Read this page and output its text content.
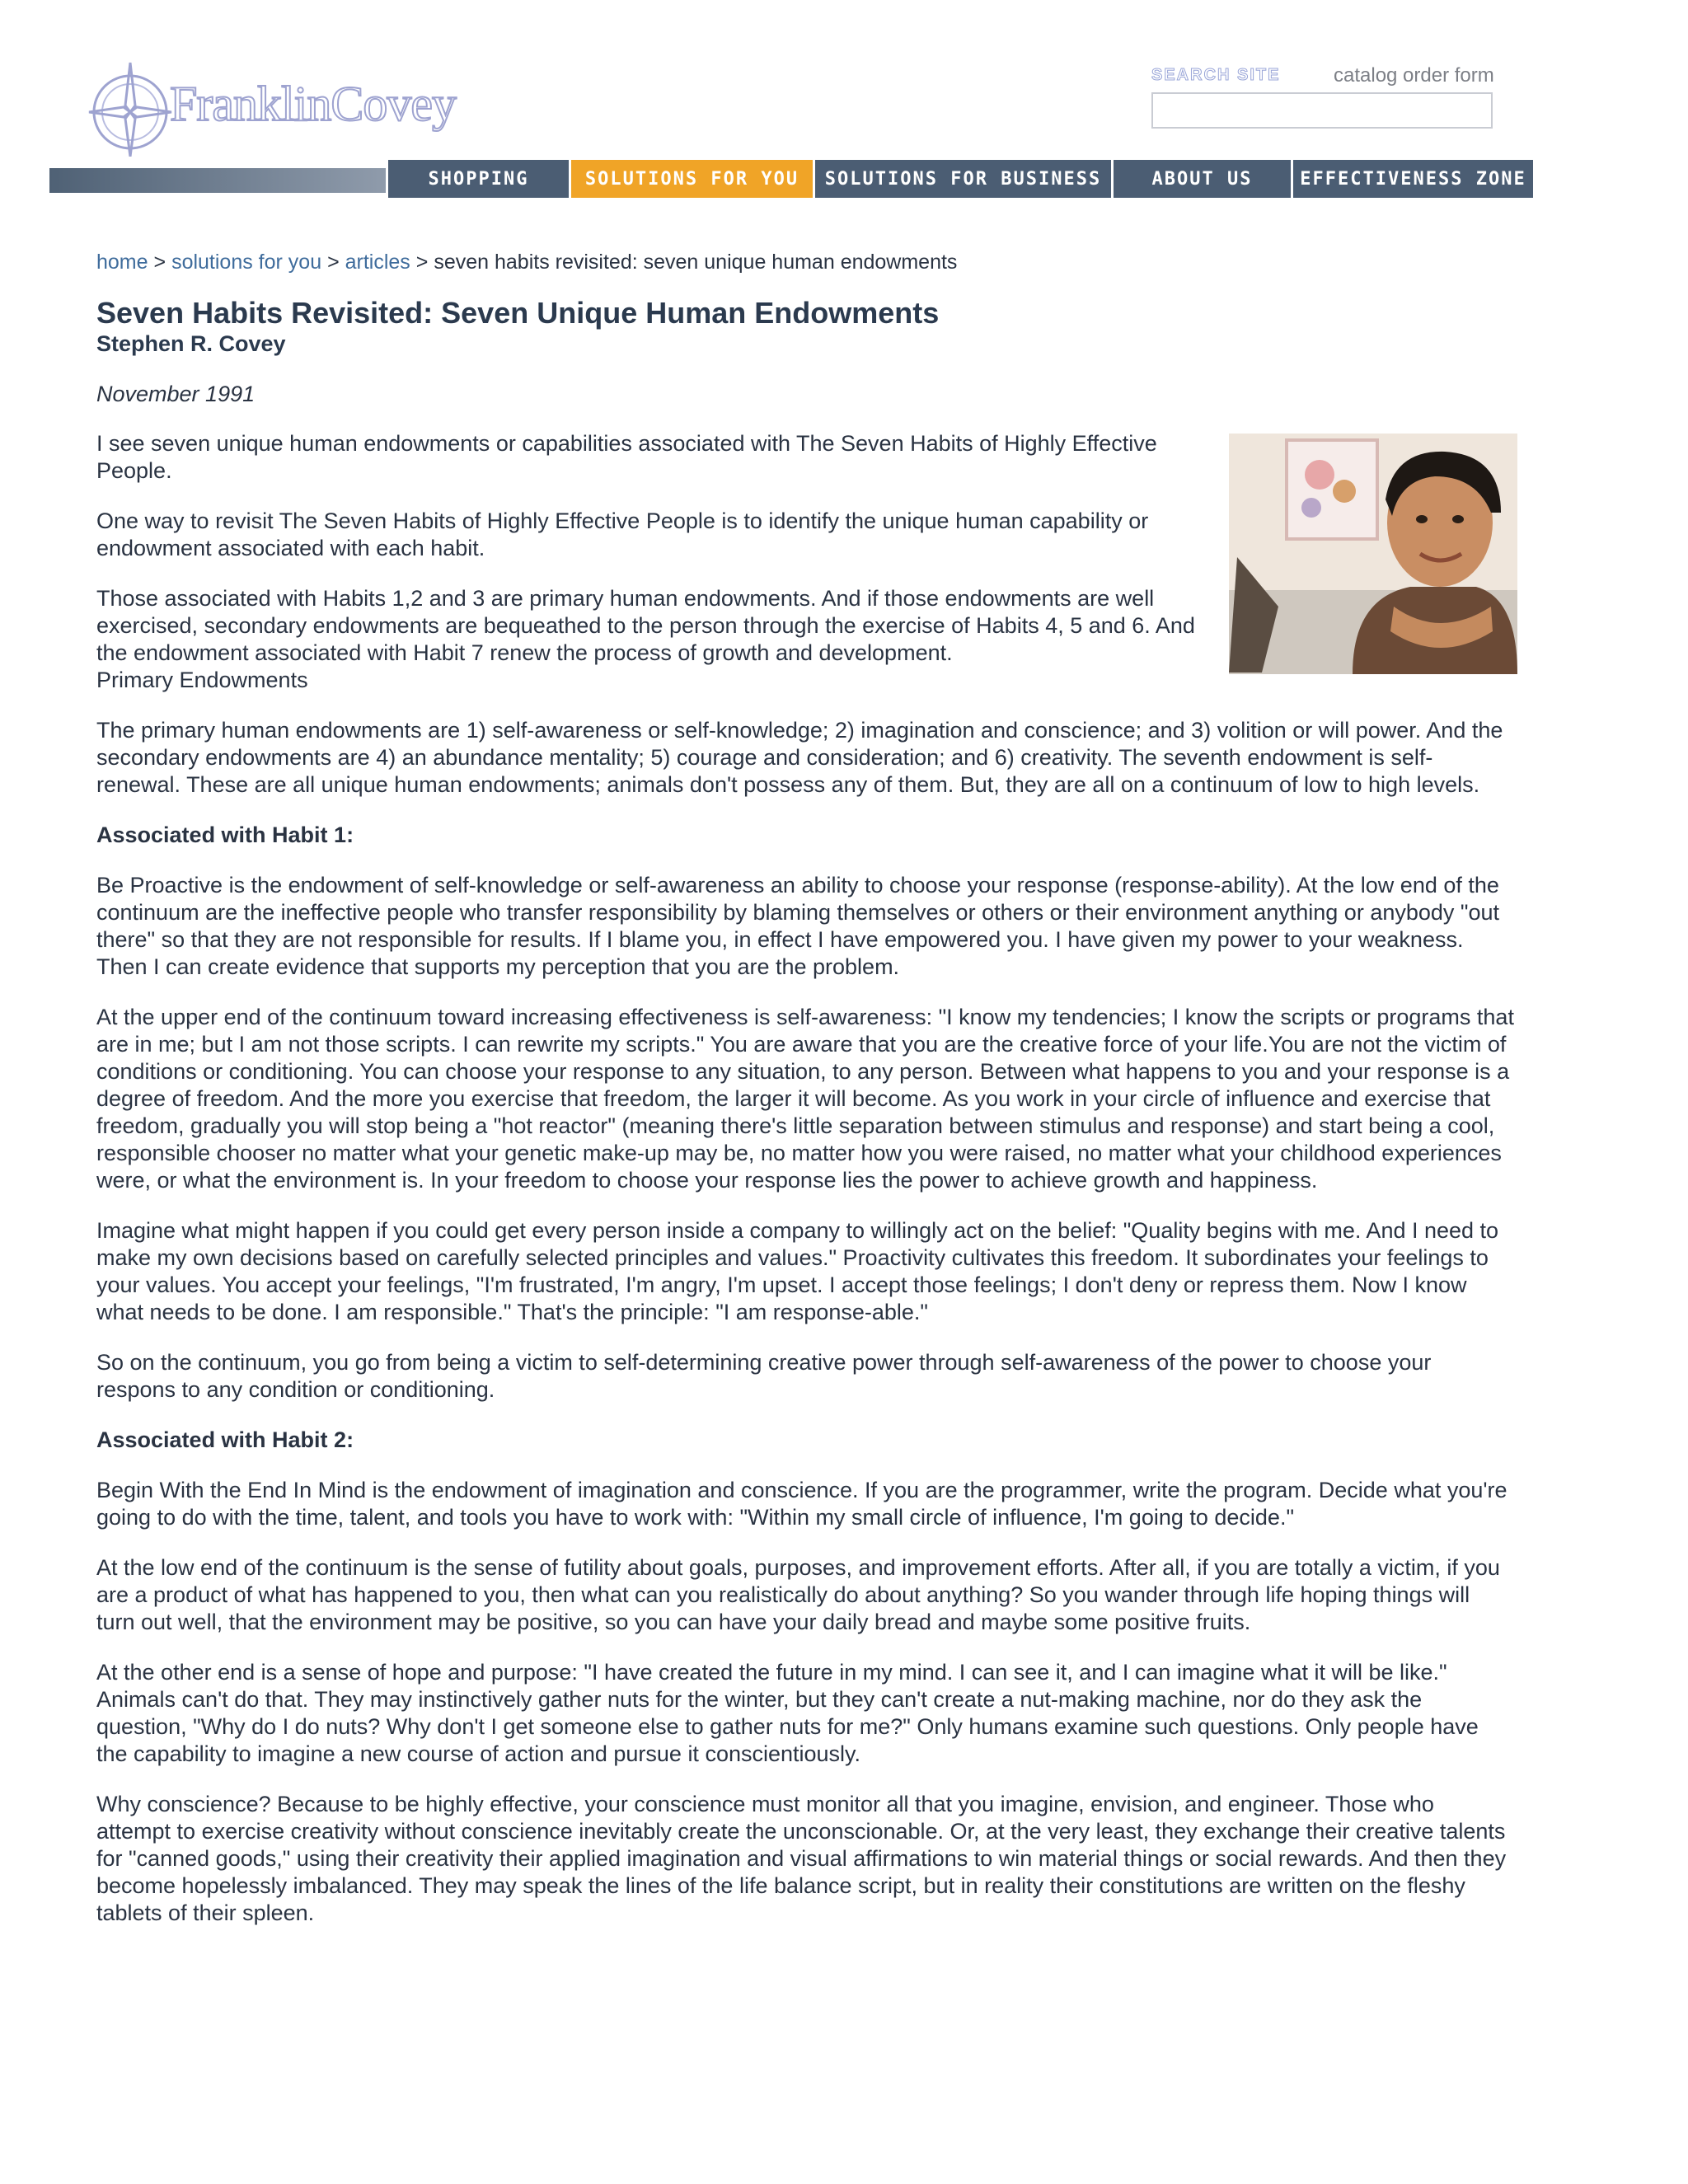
FranklinCovey
SEARCH SITE	catalog order form
SHOPPING	SOLUTIONS FOR YOU	SOLUTIONS FOR BUSINESS	ABOUT US	EFFECTIVENESS ZONE
home > solutions for you > articles > seven habits revisited: seven unique human endowments
Seven Habits Revisited: Seven Unique Human Endowments
Stephen R. Covey
November 1991

I see seven unique human endowments or capabilities associated with The Seven Habits of Highly Effective People.

One way to revisit The Seven Habits of Highly Effective People is to identify the unique human capability or endowment associated with each habit.

Those associated with Habits 1,2 and 3 are primary human endowments. And if those endowments are well exercised, secondary endowments are bequeathed to the person through the exercise of Habits 4, 5 and 6. And the endowment associated with Habit 7 renew the process of growth and development.

Primary Endowments

The primary human endowments are 1) self-awareness or self-knowledge; 2) imagination and conscience; and 3) volition or will power. And the secondary endowments are 4) an abundance mentality; 5) courage and consideration; and 6) creativity. The seventh endowment is self-renewal. These are all unique human endowments; animals don't possess any of them. But, they are all on a continuum of low to high levels.

Associated with Habit 1:

Be Proactive is the endowment of self-knowledge or self-awareness an ability to choose your response (response-ability). At the low end of the continuum are the ineffective people who transfer responsibility by blaming themselves or others or their environment anything or anybody "out there" so that they are not responsible for results. If I blame you, in effect I have empowered you. I have given my power to your weakness. Then I can create evidence that supports my perception that you are the problem.

At the upper end of the continuum toward increasing effectiveness is self-awareness: "I know my tendencies; I know the scripts or programs that are in me; but I am not those scripts. I can rewrite my scripts." You are aware that you are the creative force of your life.You are not the victim of conditions or conditioning. You can choose your response to any situation, to any person. Between what happens to you and your response is a degree of freedom. And the more you exercise that freedom, the larger it will become. As you work in your circle of influence and exercise that freedom, gradually you will stop being a "hot reactor" (meaning there's little separation between stimulus and response) and start being a cool, responsible chooser no matter what your genetic make-up may be, no matter how you were raised, no matter what your childhood experiences were, or what the environment is. In your freedom to choose your response lies the power to achieve growth and happiness.

Imagine what might happen if you could get every person inside a company to willingly act on the belief: "Quality begins with me. And I need to make my own decisions based on carefully selected principles and values." Proactivity cultivates this freedom. It subordinates your feelings to your values. You accept your feelings, "I'm frustrated, I'm angry, I'm upset. I accept those feelings; I don't deny or repress them. Now I know what needs to be done. I am responsible." That's the principle: "I am response-able."

So on the continuum, you go from being a victim to self-determining creative power through self-awareness of the power to choose your respons to any condition or conditioning.

Associated with Habit 2:

Begin With the End In Mind is the endowment of imagination and conscience. If you are the programmer, write the program. Decide what you're going to do with the time, talent, and tools you have to work with: "Within my small circle of influence, I'm going to decide."

At the low end of the continuum is the sense of futility about goals, purposes, and improvement efforts. After all, if you are totally a victim, if you are a product of what has happened to you, then what can you realistically do about anything? So you wander through life hoping things will turn out well, that the environment may be positive, so you can have your daily bread and maybe some positive fruits.

At the other end is a sense of hope and purpose: "I have created the future in my mind. I can see it, and I can imagine what it will be like." Animals can't do that. They may instinctively gather nuts for the winter, but they can't create a nut-making machine, nor do they ask the question, "Why do I do nuts? Why don't I get someone else to gather nuts for me?" Only humans examine such questions. Only people have the capability to imagine a new course of action and pursue it conscientiously.

Why conscience? Because to be highly effective, your conscience must monitor all that you imagine, envision, and engineer. Those who attempt to exercise creativity without conscience inevitably create the unconscionable. Or, at the very least, they exchange their creative talents for "canned goods," using their creativity their applied imagination and visual affirmations to win material things or social rewards. And then they become hopelessly imbalanced. They may speak the lines of the life balance script, but in reality their constitutions are written on the fleshy tablets of their spleen.
